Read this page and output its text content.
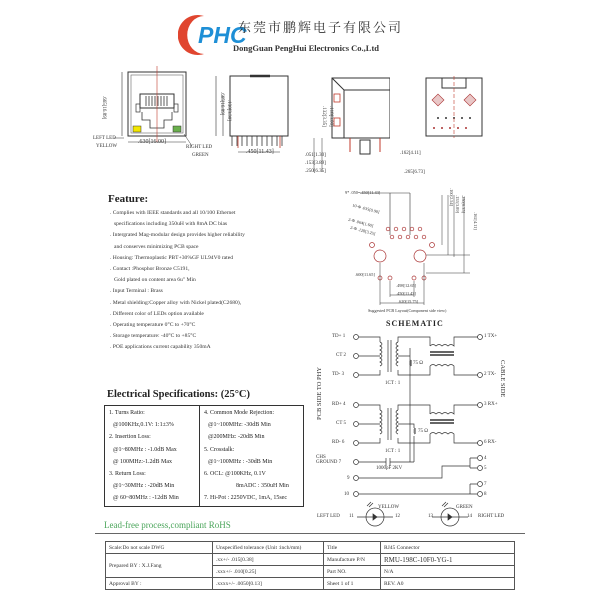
PHC
东莞市鹏辉电子有限公司
DongGuan PengHui Electronics Co.,Ltd
.665[16.89]
.630[16.00]
LEFT LED
YELLOW	RIGHT LED
GREEN
.665[16.89] .130[3.30]
.450[11.43]
.132[3.35] .118[3.00]
.051[1.30]
.153[3.89]
.250[6.35]
.162[4.11]
.265[6.73]
Feature:
. Complies with IEEE standards and all 10/100 Ethernet
specifications including 350uH with 8mA DC bias
. Intergrated Mag-modular design provides higher reliability
and conserves minimizing PCB space
. Housing: Thermoplastic PBT+30%GF UL94V0 rated
. Contact :Phosphor Bronze C5191,
Gold plated on content area 6u" Min
. Input Terminal : Brass
. Metal shielding:Copper alloy with Nickel plated(C2680),
. Different color of LEDs option available
. Operating temperature 0°C to +70°C
. Storage temperature: -40°C to +85°C
. POE applications current capability 350mA
9* .050=.450[11.43]
10-Φ .035[0.90]
2-Φ .064[1.60]
2-Φ .128[3.25]
.100[2.54] .155[3.89] .250[6.35]
.162[4.11]
.600[11.65]
.498[12.65]
.450[11.43]
.620[15.75]
Suggested PCB Layout(Component side view)
SCHEMATIC
PCB SIDE TO PHY	CABLE SIDE
TD+ 1
CT 2
TD- 3
RD+ 4
CT 5
RD- 6
1 TX+
2 TX-
3 RX+
6 RX-
1CT : 1
1CT : 1
75 Ω
75 Ω
CHS
GROUND 7
1000pF 2KV
9
10
4
5
7
8
LEFT LED 11	12
YELLOW
RIGHT LED
13	14
GREEN
Electrical Specifications: (25°C)
1. Turns Ratio:
@100KHz,0.1V: 1:1±3%
2. Insertion Loss:
@1~80MHz : -1.0dB Max
@ 100MHz:-1.2dB Max
3. Return Loss:
@1~30MHz : -20dB Min
@ 60~80MHz : -12dB Min
4. Common Mode Rejection:
@1~100MHz: -30dB Min
@200MHz: -20dB Min
5. Crosstalk:
@1~100MHz : -30dB Min
6. OCL: @100KHz, 0.1V
8mADC : 350uH Min
7. Hi-Pot : 2250VDC, 1mA, 15sec
Lead-free process,compliant RoHS
Scale:Do not scale DWG	Unspecified tolerance (Unit :inch/mm)	Title	RJ45 Connector
Prepared BY : X.J.Fang	.xx+/- .015[0.38]	Manufacture P/N	RMU-198C-10F0-YG-1
	.xxx+/- .010[0.25]	Part NO.	N/A
Approval BY :	.xxxx+/- .0050[0.13]	Sheet 1 of 1	REV. A0
